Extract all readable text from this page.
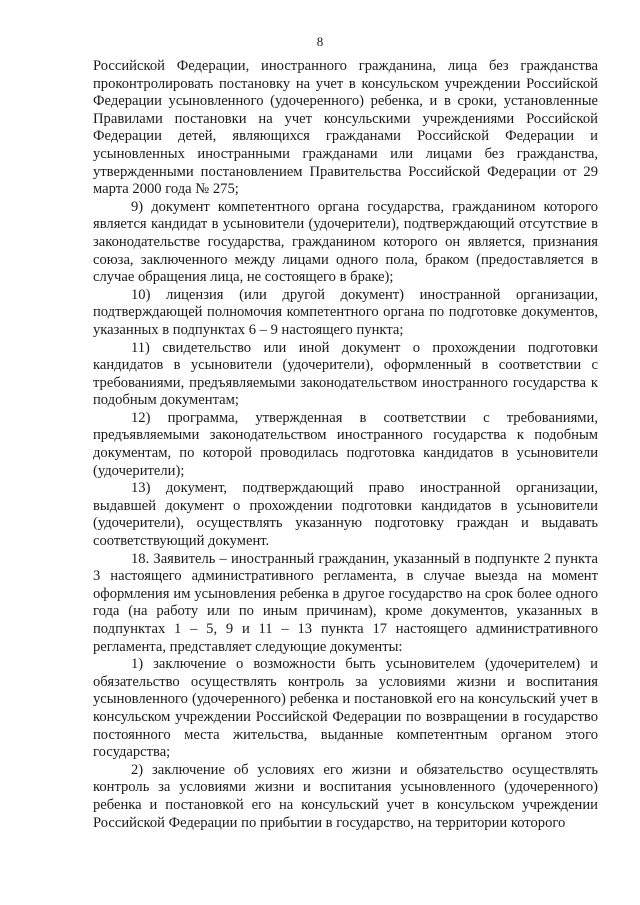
8

Российской Федерации, иностранного гражданина, лица без гражданства проконтролировать постановку на учет в консульском учреждении Российской Федерации усыновленного (удочеренного) ребенка, и в сроки, установленные Правилами постановки на учет консульскими учреждениями Российской Федерации детей, являющихся гражданами Российской Федерации и усыновленных иностранными гражданами или лицами без гражданства, утвержденными постановлением Правительства Российской Федерации от 29 марта 2000 года № 275;

9) документ компетентного органа государства, гражданином которого является кандидат в усыновители (удочерители), подтверждающий отсутствие в законодательстве государства, гражданином которого он является, признания союза, заключенного между лицами одного пола, браком (предоставляется в случае обращения лица, не состоящего в браке);

10) лицензия (или другой документ) иностранной организации, подтверждающей полномочия компетентного органа по подготовке документов, указанных в подпунктах 6 – 9 настоящего пункта;

11) свидетельство или иной документ о прохождении подготовки кандидатов в усыновители (удочерители), оформленный в соответствии с требованиями, предъявляемыми законодательством иностранного государства к подобным документам;

12) программа, утвержденная в соответствии с требованиями, предъявляемыми законодательством иностранного государства к подобным документам, по которой проводилась подготовка кандидатов в усыновители (удочерители);

13) документ, подтверждающий право иностранной организации, выдавшей документ о прохождении подготовки кандидатов в усыновители (удочерители), осуществлять указанную подготовку граждан и выдавать соответствующий документ.

18. Заявитель – иностранный гражданин, указанный в подпункте 2 пункта 3 настоящего административного регламента, в случае выезда на момент оформления им усыновления ребенка в другое государство на срок более одного года (на работу или по иным причинам), кроме документов, указанных в подпунктах 1 – 5, 9 и 11 – 13 пункта 17 настоящего административного регламента, представляет следующие документы:

1) заключение о возможности быть усыновителем (удочерителем) и обязательство осуществлять контроль за условиями жизни и воспитания усыновленного (удочеренного) ребенка и постановкой его на консульский учет в консульском учреждении Российской Федерации по возвращении в государство постоянного места жительства, выданные компетентным органом этого государства;

2) заключение об условиях его жизни и обязательство осуществлять контроль за условиями жизни и воспитания усыновленного (удочеренного) ребенка и постановкой его на консульский учет в консульском учреждении Российской Федерации по прибытии в государство, на территории которого
